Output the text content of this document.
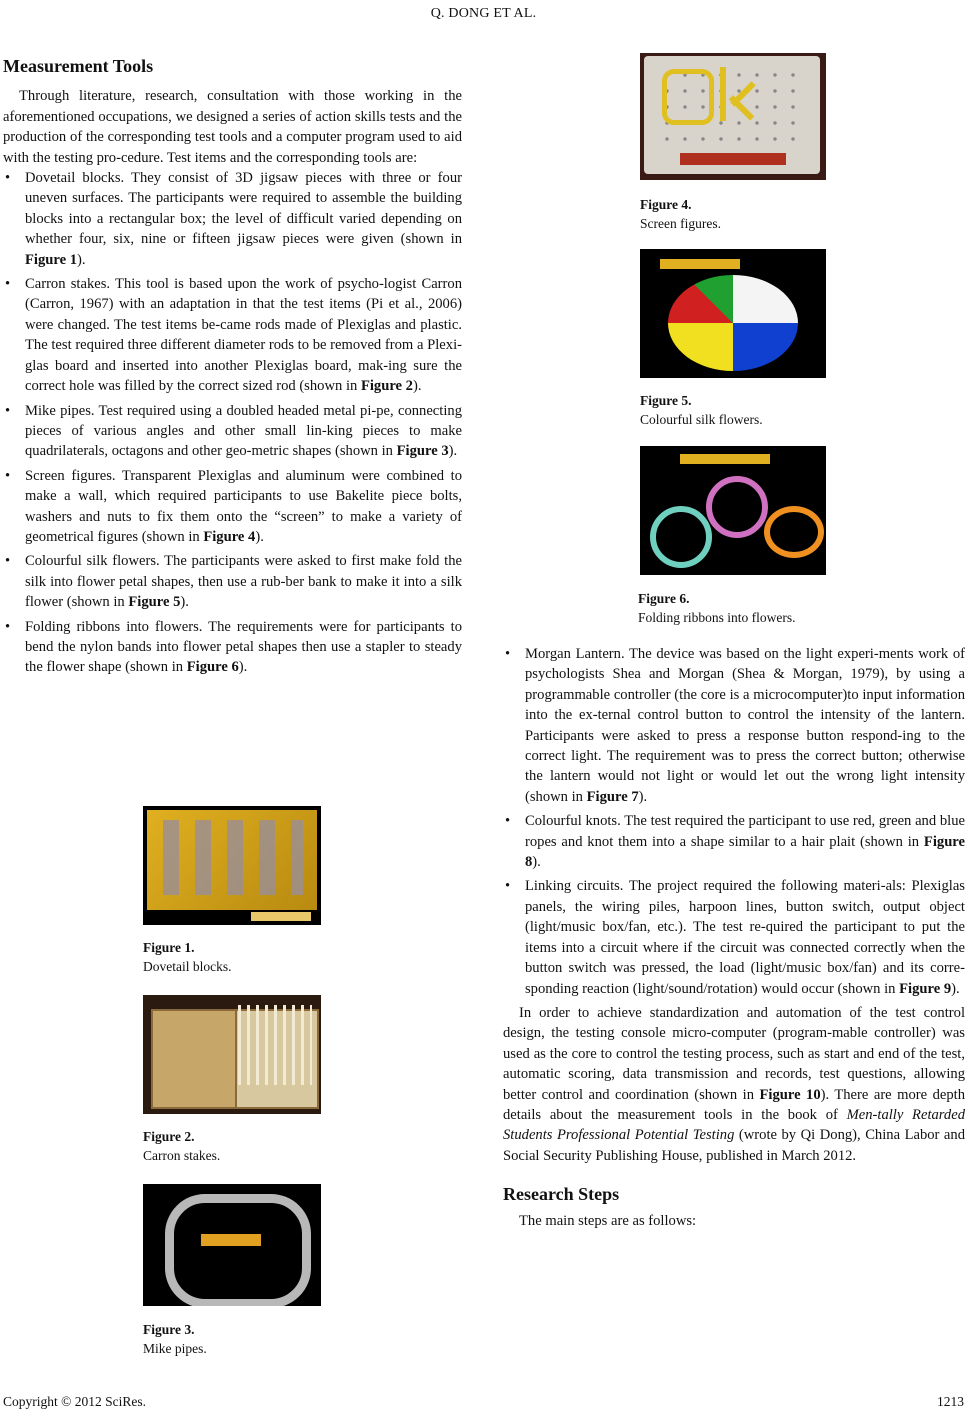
Q. DONG ET AL.
Measurement Tools

Through literature, research, consultation with those working in the aforementioned occupations, we designed a series of action skills tests and the production of the corresponding test tools and a computer program used to aid with the testing pro-cedure. Test items and the corresponding tools are:

• Dovetail blocks. They consist of 3D jigsaw pieces with three or four uneven surfaces. The participants were required to assemble the building blocks into a rectangular box; the level of difficult varied depending on whether four, six, nine or fifteen jigsaw pieces were given (shown in Figure 1).
• Carron stakes. This tool is based upon the work of psycho-logist Carron (Carron, 1967) with an adaptation in that the test items (Pi et al., 2006) were changed. The test items be-came rods made of Plexiglas and plastic. The test required three different diameter rods to be removed from a Plexi-glas board and inserted into another Plexiglas board, mak-ing sure the correct hole was filled by the correct sized rod (shown in Figure 2).
• Mike pipes. Test required using a doubled headed metal pi-pe, connecting pieces of various angles and other small lin-king pieces to make quadrilaterals, octagons and other geo-metric shapes (shown in Figure 3).
• Screen figures. Transparent Plexiglas and aluminum were combined to make a wall, which required participants to use Bakelite piece bolts, washers and nuts to fix them onto the “screen” to make a variety of geometrical figures (shown in Figure 4).
• Colourful silk flowers. The participants were asked to first make fold the silk into flower petal shapes, then use a rub-ber bank to make it into a silk flower (shown in Figure 5).
• Folding ribbons into flowers. The requirements were for participants to bend the nylon bands into flower petal shapes then use a stapler to steady the flower shape (shown in Figure 6).
Figure 1.
Dovetail blocks.
Figure 2.
Carron stakes.
Figure 3.
Mike pipes.
Figure 4.
Screen figures.
Figure 5.
Colourful silk flowers.
Figure 6.
Folding ribbons into flowers.
• Morgan Lantern. The device was based on the light experi-ments work of psychologists Shea and Morgan (Shea & Morgan, 1979), by using a programmable controller (the core is a microcomputer)to input information into the ex-ternal control button to control the intensity of the lantern. Participants were asked to press a response button respond-ing to the correct light. The requirement was to press the correct button; otherwise the lantern would not light or would let out the wrong light intensity (shown in Figure 7).
• Colourful knots. The test required the participant to use red, green and blue ropes and knot them into a shape similar to a hair plait (shown in Figure 8).
• Linking circuits. The project required the following materi-als: Plexiglas panels, the wiring piles, harpoon lines, button switch, output object (light/music box/fan, etc.). The test re-quired the participant to put the items into a circuit where if the circuit was connected correctly when the button switch was pressed, the load (light/music box/fan) and its corre-sponding reaction (light/sound/rotation) would occur (shown in Figure 9).

In order to achieve standardization and automation of the test control design, the testing console micro-computer (program-mable controller) was used as the core to control the testing process, such as start and end of the test, automatic scoring, data transmission and records, test questions, allowing better control and coordination (shown in Figure 10). There are more depth details about the measurement tools in the book of Men-tally Retarded Students Professional Potential Testing (wrote by Qi Dong), China Labor and Social Security Publishing House, published in March 2012.

Research Steps

The main steps are as follows:

Copyright © 2012 SciRes.	1213
